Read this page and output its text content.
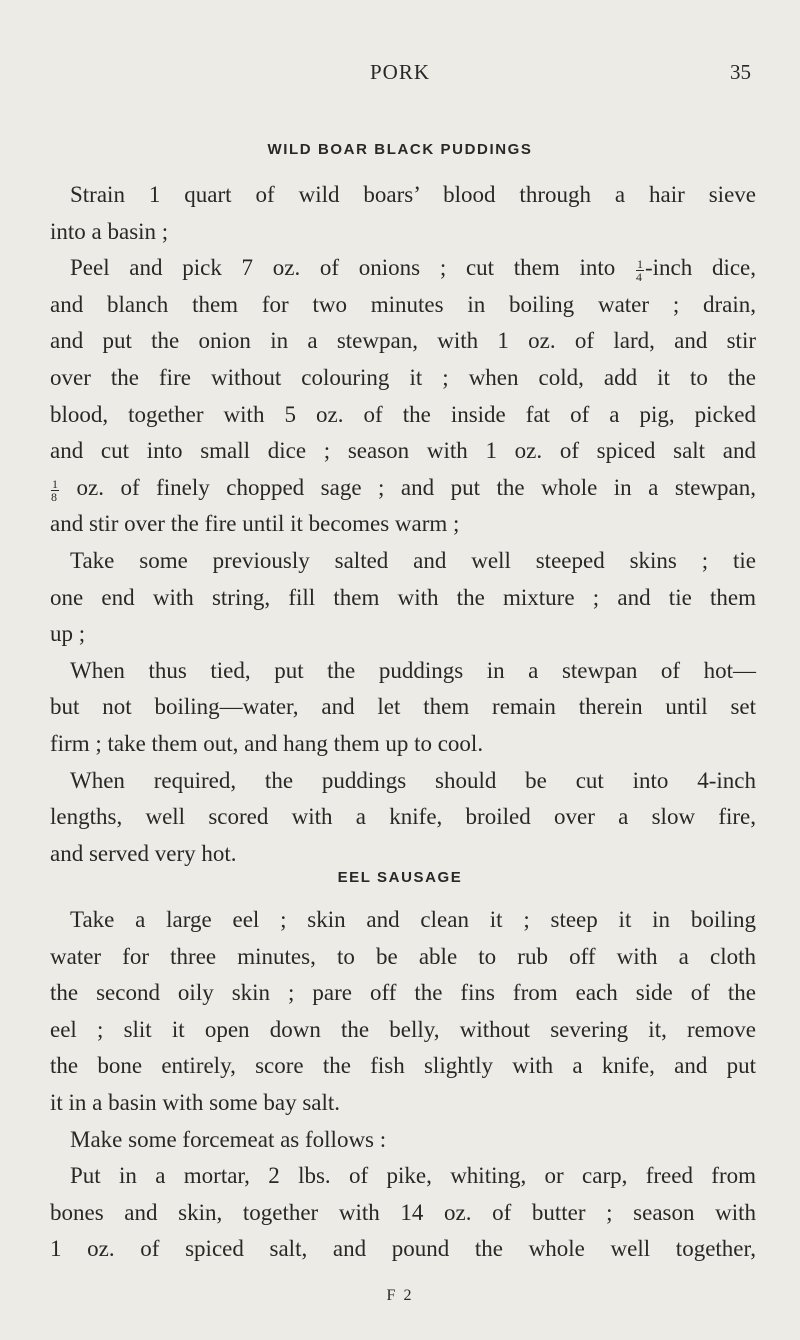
PORK	35
WILD BOAR BLACK PUDDINGS
Strain 1 quart of wild boars’ blood through a hair sieve
into a basin ;
Peel and pick 7 oz. of onions ; cut them into $\frac{1}{4}$ -inch dice,
and blanch them for two minutes in boiling water ; drain,
and put the onion in a stewpan, with 1 oz. of lard, and stir
over the fire without colouring it ; when cold, add it to the
blood, together with 5 oz. of the inside fat of a pig, picked
and cut into small dice ; season with 1 oz. of spiced salt and
$\frac{1}{8}$ oz. of finely chopped sage ; and put the whole in a stewpan,
and stir over the fire until it becomes warm ;
Take some previously salted and well steeped skins ; tie
one end with string, fill them with the mixture ; and tie them
up ;
When thus tied, put the puddings in a stewpan of hot—
but not boiling—water, and let them remain therein until set
firm ; take them out, and hang them up to cool.
When required, the puddings should be cut into 4-inch
lengths, well scored with a knife, broiled over a slow fire,
and served very hot.
EEL SAUSAGE
Take a large eel ; skin and clean it ; steep it in boiling
water for three minutes, to be able to rub off with a cloth
the second oily skin ; pare off the fins from each side of the
eel ; slit it open down the belly, without severing it, remove
the bone entirely, score the fish slightly with a knife, and put
it in a basin with some bay salt.
Make some forcemeat as follows :
Put in a mortar, 2 lbs. of pike, whiting, or carp, freed from
bones and skin, together with 14 oz. of butter ; season with
1 oz. of spiced salt, and pound the whole well together,
F 2
